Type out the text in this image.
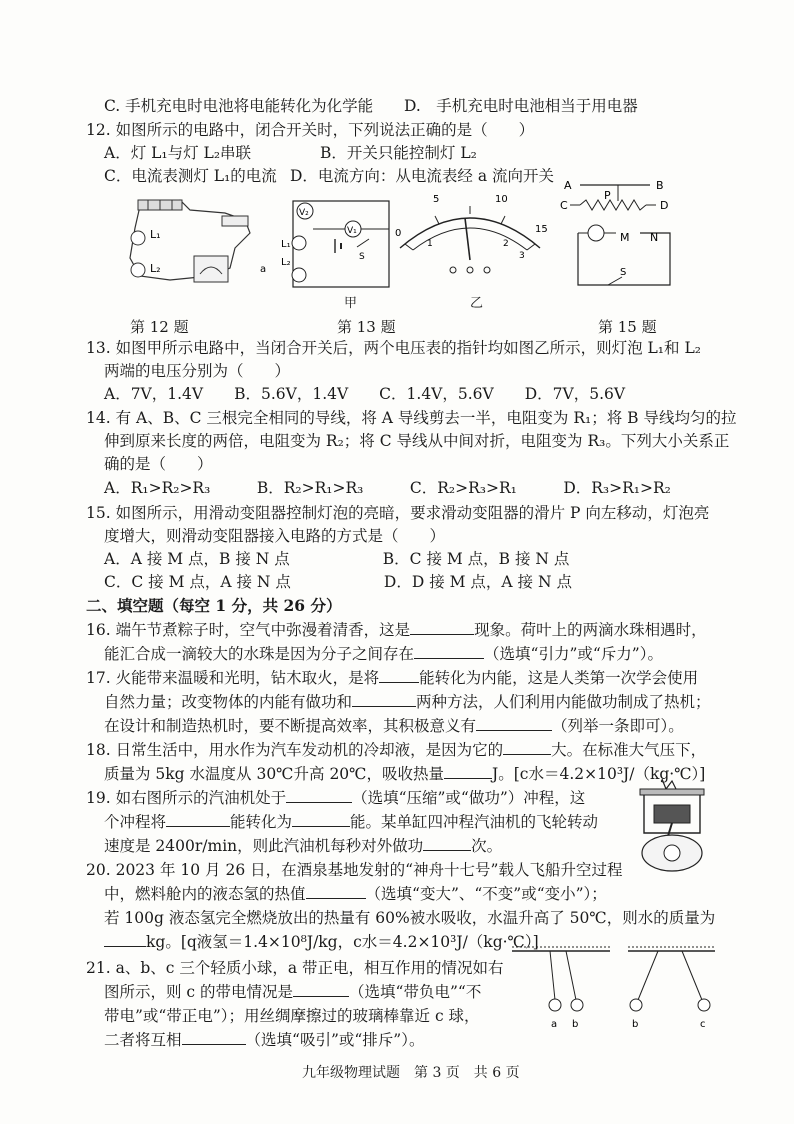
C. 手机充电时电池将电能转化为化学能 D.　手机充电时电池相当于用电器
12. 如图所示的电路中，闭合开关时，下列说法正确的是（　　）
A．灯 L₁与灯 L₂串联	B．开关只能控制灯 L₂
C．电流表测灯 L₁的电流 D．电流方向：从电流表经 a 流向开关
L₁
L₂	a
V₂
V₁
L₁
L₂	S
甲
0
5	10
15
1	2
3
乙
A	B
P
C	D
M N
S
第 12 题	第 13 题	第 15 题
13. 如图甲所示电路中，当闭合开关后，两个电压表的指针均如图乙所示，则灯泡 L₁和 L₂
两端的电压分别为（　　）
A．7V，1.4V　　B．5.6V，1.4V　　C．1.4V，5.6V　　D．7V，5.6V
14. 有 A、B、C 三根完全相同的导线，将 A 导线剪去一半，电阻变为 R₁；将 B 导线均匀的拉
伸到原来长度的两倍，电阻变为 R₂；将 C 导线从中间对折，电阻变为 R₃。下列大小关系正
确的是（　　）
A．R₁>R₂>R₃　　　B．R₂>R₁>R₃　　　C．R₂>R₃>R₁　　　D．R₃>R₁>R₂
15. 如图所示，用滑动变阻器控制灯泡的亮暗，要求滑动变阻器的滑片 P 向左移动，灯泡亮
度增大，则滑动变阻器接入电路的方式是（　　）
A．A 接 M 点，B 接 N 点　　　　　　B．C 接 M 点，B 接 N 点
C．C 接 M 点，A 接 N 点　　　　　　D．D 接 M 点，A 接 N 点
二、填空题（每空 1 分，共 26 分）
16. 端午节煮粽子时，空气中弥漫着清香，这是	现象。荷叶上的两滴水珠相遇时，
能汇合成一滴较大的水珠是因为分子之间存在	（选填“引力”或“斥力”）。
17. 火能带来温暖和光明，钻木取火，是将	能转化为内能，这是人类第一次学会使用
自然力量；改变物体的内能有做功和	两种方法，人们利用内能做功制成了热机；
在设计和制造热机时，要不断提高效率，其积极意义有	（列举一条即可）。
18. 日常生活中，用水作为汽车发动机的冷却液，是因为它的	大。在标准大气压下，
质量为 5kg 水温度从 30℃升高 20℃，吸收热量	J。[c水＝4.2×10³J/（kg·℃）]
19. 如右图所示的汽油机处于	（选填“压缩”或“做功”）冲程，这
个冲程将	能转化为	能。某单缸四冲程汽油机的飞轮转动
速度是 2400r/min，则此汽油机每秒对外做功	次。
20. 2023 年 10 月 26 日，在酒泉基地发射的“神舟十七号”载人飞船升空过程
中，燃料舱内的液态氢的热值	（选填“变大”、“不变”或“变小”）；
若 100g 液态氢完全燃烧放出的热量有 60%被水吸收，水温升高了 50℃，则水的质量为
kg。[q液氢＝1.4×10⁸J/kg，c水＝4.2×10³J/（kg·℃）]
21. a、b、c 三个轻质小球，a 带正电，相互作用的情况如右
图所示，则 c 的带电情况是	（选填“带负电”“不
带电”或“带正电”）；用丝绸摩擦过的玻璃棒靠近 c 球，
二者将互相	（选填“吸引”或“排斥”）。
a b	b	c
九年级物理试题　第 3 页　共 6 页
